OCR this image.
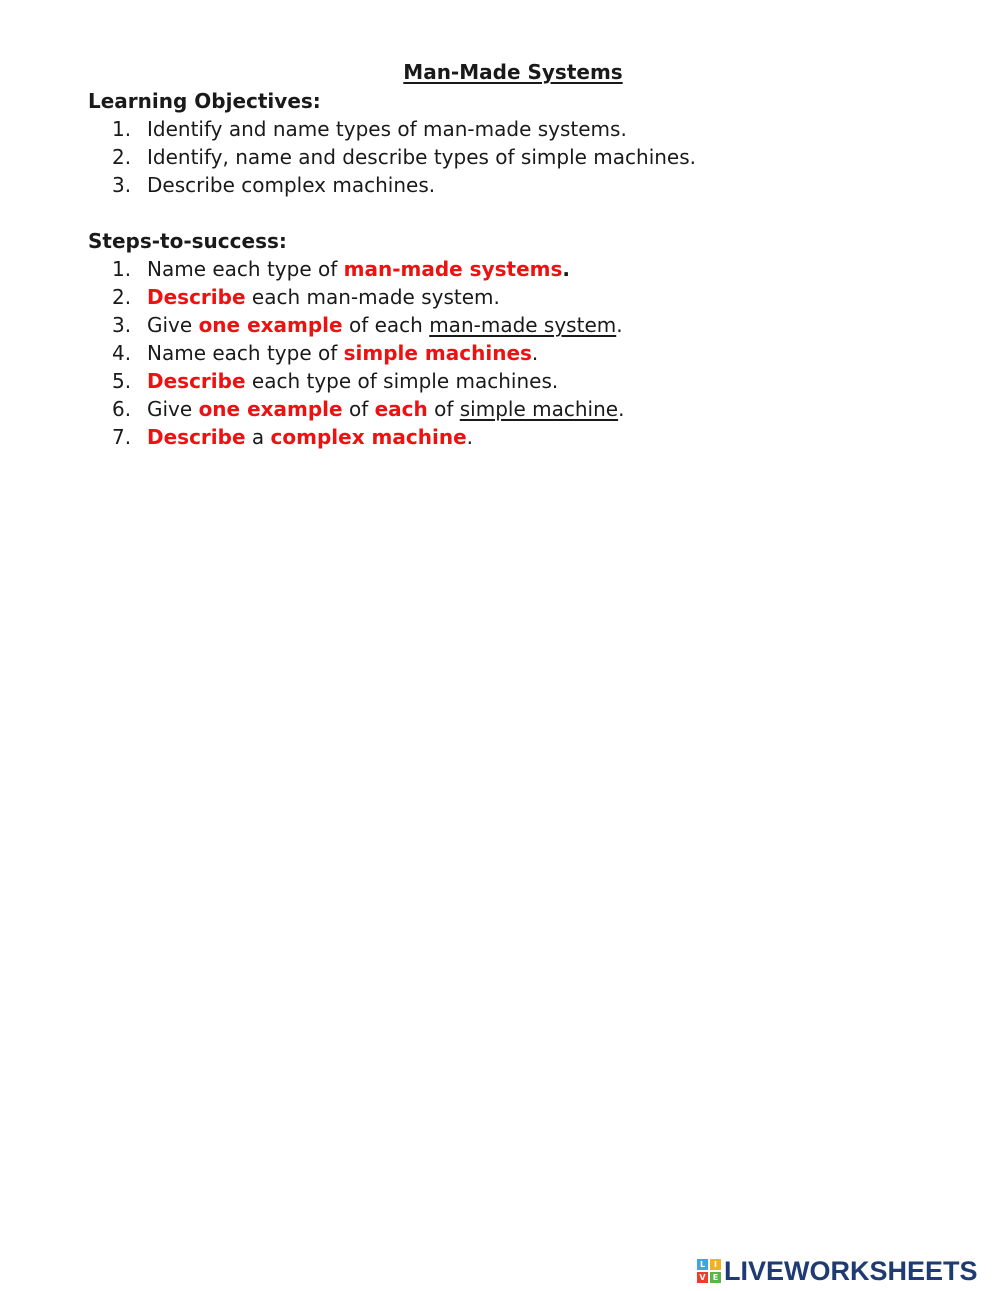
Man-Made Systems
Learning Objectives:
1. Identify and name types of man-made systems.
2. Identify, name and describe types of simple machines.
3. Describe complex machines.
Steps-to-success:
1. Name each type of man-made systems.
2. Describe each man-made system.
3. Give one example of each man-made system.
4. Name each type of simple machines.
5. Describe each type of simple machines.
6. Give one example of each of simple machine.
7. Describe a complex machine.
L	I
V E LIVEWORKSHEETS
